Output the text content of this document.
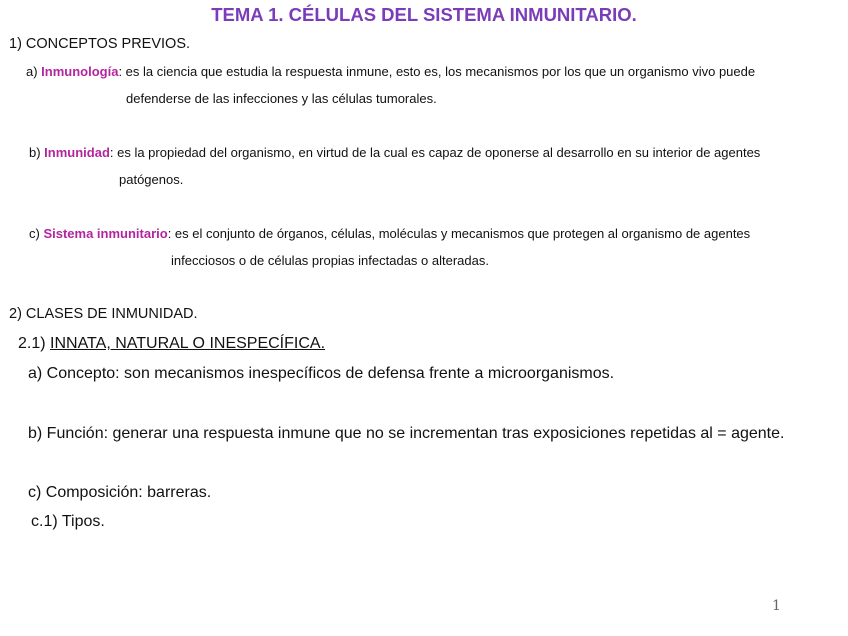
TEMA 1. CÉLULAS DEL SISTEMA INMUNITARIO.
1) CONCEPTOS PREVIOS.
a) Inmunología: es la ciencia que estudia la respuesta inmune, esto es, los mecanismos por los que un organismo vivo puede
defenderse de las infecciones y las células tumorales.
b) Inmunidad: es la propiedad del organismo, en virtud de la cual es capaz de oponerse al desarrollo en su interior de agentes
patógenos.
c) Sistema inmunitario: es el conjunto de órganos, células, moléculas y mecanismos que protegen al organismo de agentes
infecciosos o de células propias infectadas o alteradas.
2) CLASES DE INMUNIDAD.
2.1) INNATA, NATURAL O INESPECÍFICA.
a) Concepto: son mecanismos inespecíficos de defensa frente a microorganismos.
b) Función: generar una respuesta inmune que no se incrementan tras exposiciones repetidas al = agente.
c) Composición: barreras.
c.1) Tipos.
1
